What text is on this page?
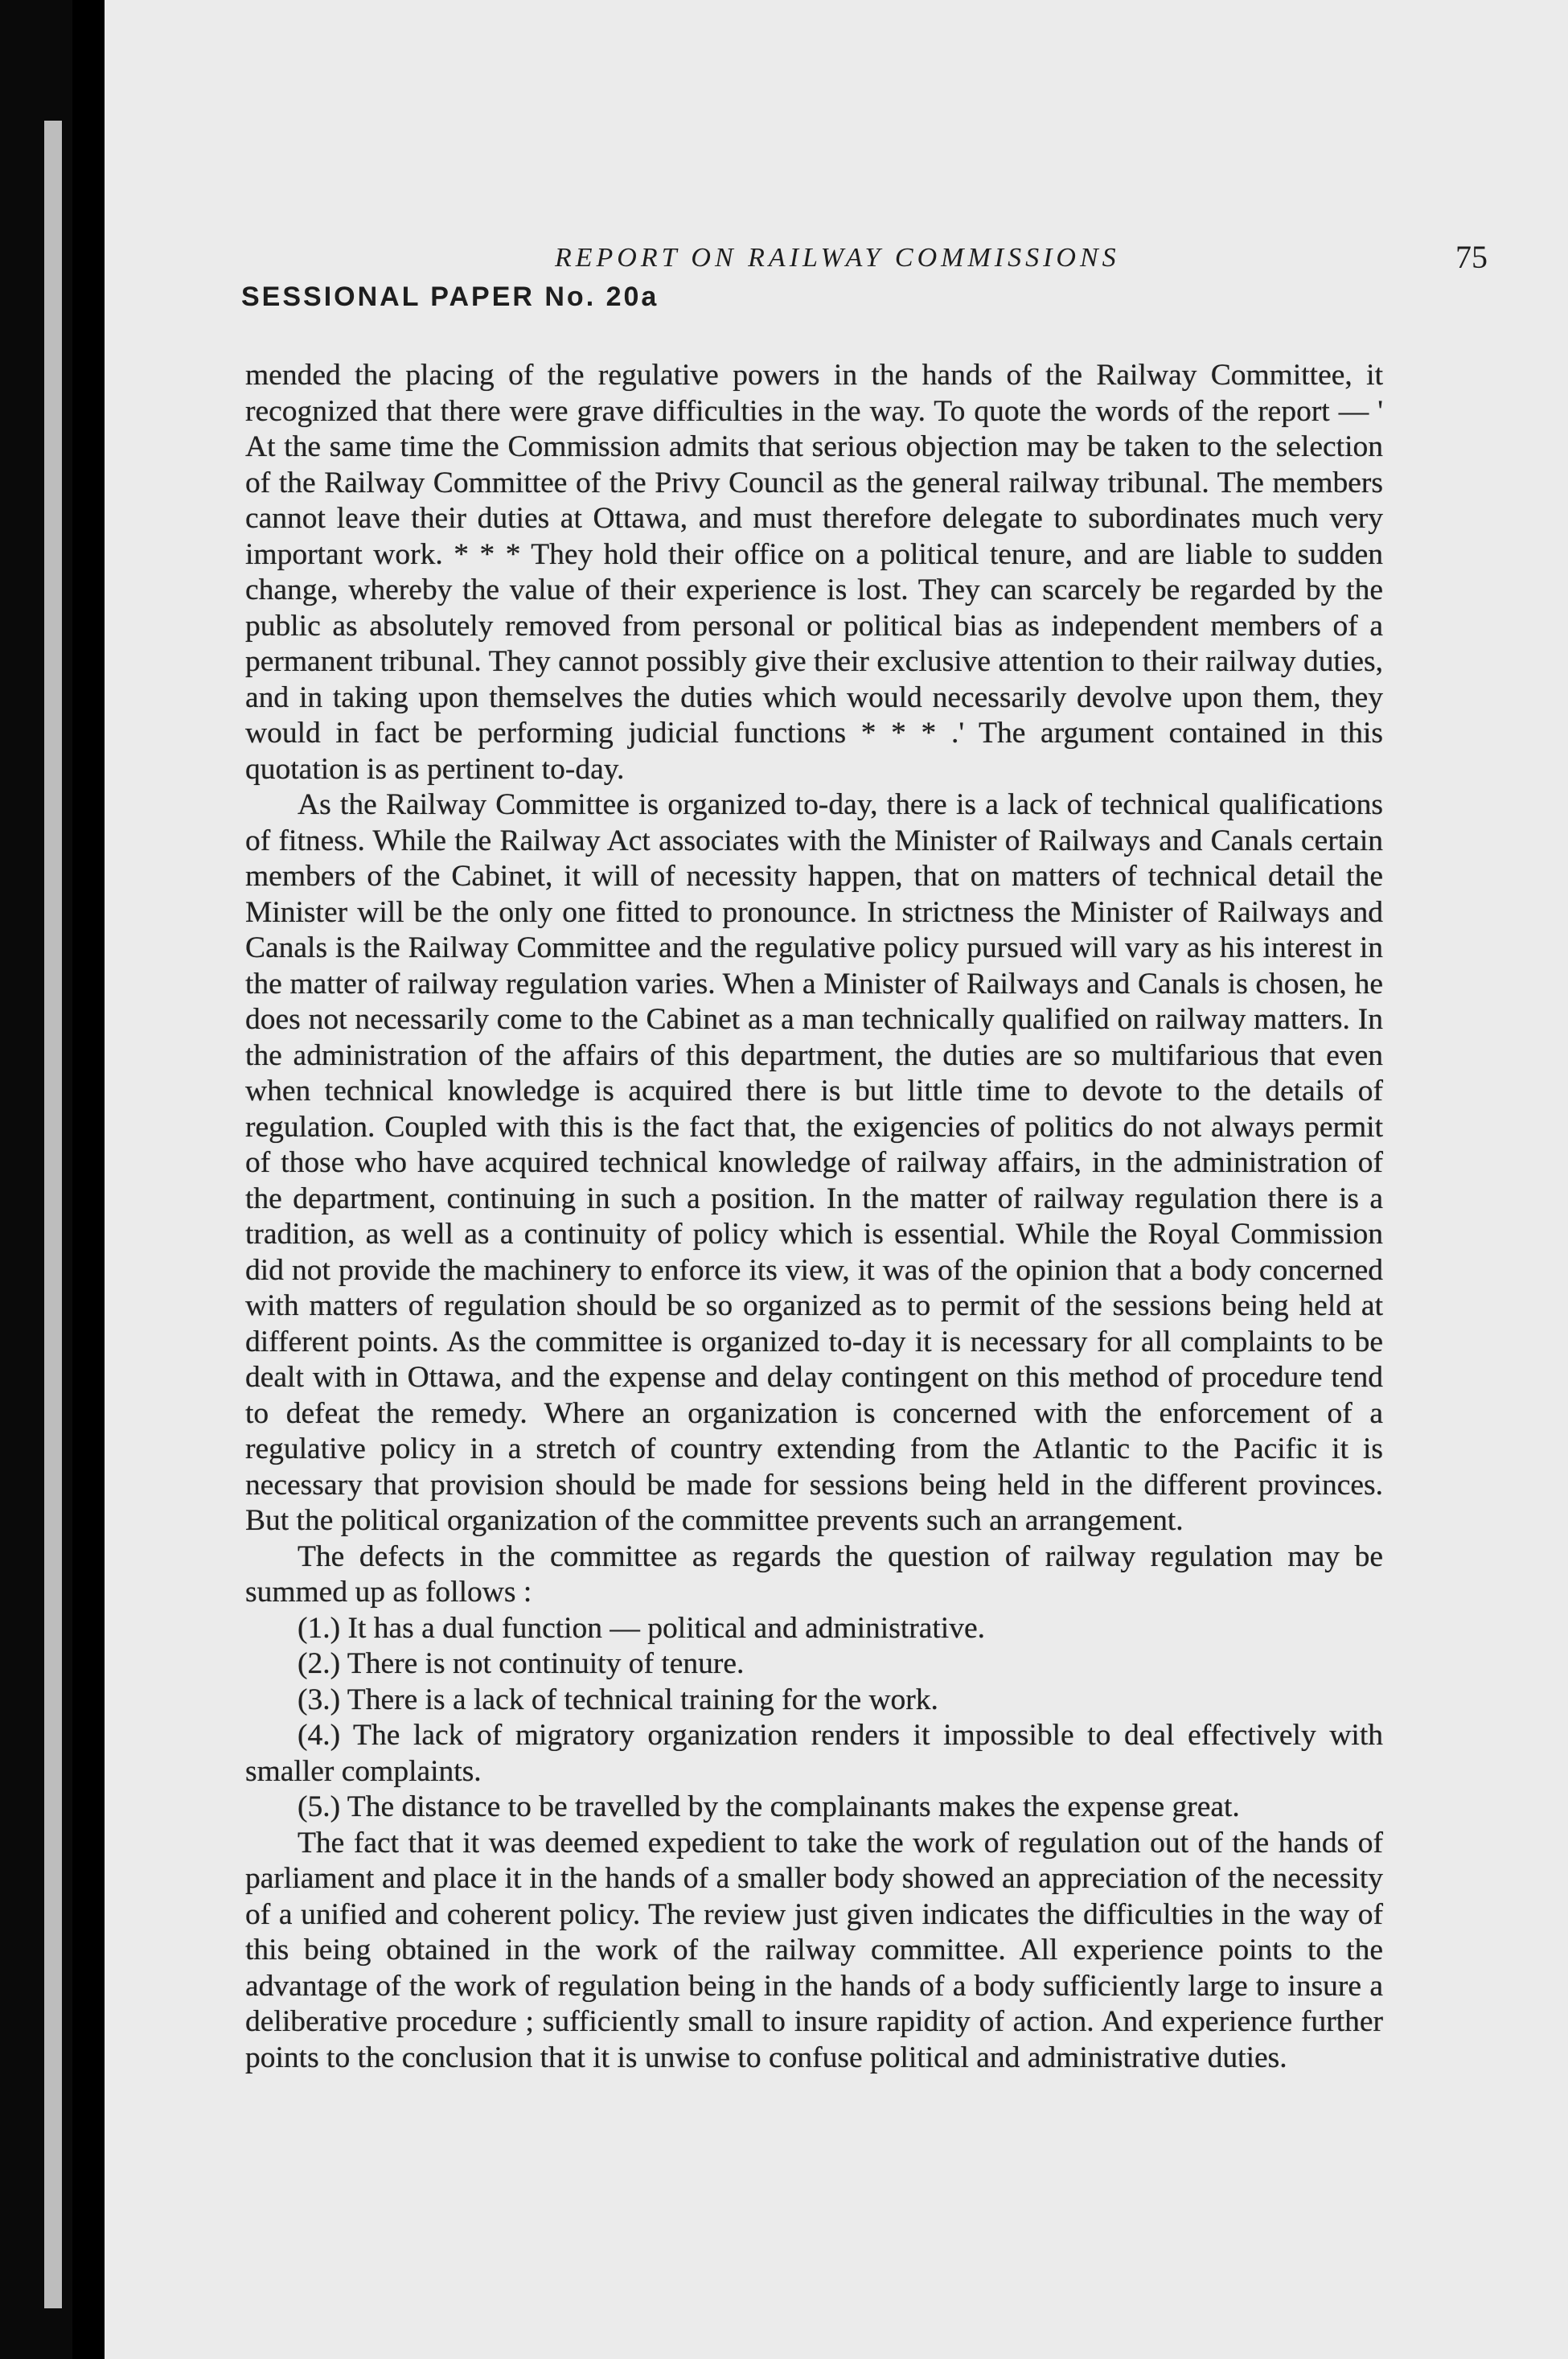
REPORT ON RAILWAY COMMISSIONS	75
SESSIONAL PAPER No. 20a

mended the placing of the regulative powers in the hands of the Railway Committee, it recognized that there were grave difficulties in the way. To quote the words of the report — ' At the same time the Commission admits that serious objection may be taken to the selection of the Railway Committee of the Privy Council as the general railway tribunal. The members cannot leave their duties at Ottawa, and must therefore delegate to subordinates much very important work. * * * They hold their office on a political tenure, and are liable to sudden change, whereby the value of their experience is lost. They can scarcely be regarded by the public as absolutely removed from personal or political bias as independent members of a permanent tribunal. They cannot possibly give their exclusive attention to their railway duties, and in taking upon themselves the duties which would necessarily devolve upon them, they would in fact be performing judicial functions * * * .' The argument contained in this quotation is as pertinent to-day.

As the Railway Committee is organized to-day, there is a lack of technical qualifications of fitness. While the Railway Act associates with the Minister of Railways and Canals certain members of the Cabinet, it will of necessity happen, that on matters of technical detail the Minister will be the only one fitted to pronounce. In strictness the Minister of Railways and Canals is the Railway Committee and the regulative policy pursued will vary as his interest in the matter of railway regulation varies. When a Minister of Railways and Canals is chosen, he does not necessarily come to the Cabinet as a man technically qualified on railway matters. In the administration of the affairs of this department, the duties are so multifarious that even when technical knowledge is acquired there is but little time to devote to the details of regulation. Coupled with this is the fact that, the exigencies of politics do not always permit of those who have acquired technical knowledge of railway affairs, in the administration of the department, continuing in such a position. In the matter of railway regulation there is a tradition, as well as a continuity of policy which is essential. While the Royal Commission did not provide the machinery to enforce its view, it was of the opinion that a body concerned with matters of regulation should be so organized as to permit of the sessions being held at different points. As the committee is organized to-day it is necessary for all complaints to be dealt with in Ottawa, and the expense and delay contingent on this method of procedure tend to defeat the remedy. Where an organization is concerned with the enforcement of a regulative policy in a stretch of country extending from the Atlantic to the Pacific it is necessary that provision should be made for sessions being held in the different provinces. But the political organization of the committee prevents such an arrangement.

The defects in the committee as regards the question of railway regulation may be summed up as follows :

(1.) It has a dual function — political and administrative.

(2.) There is not continuity of tenure.

(3.) There is a lack of technical training for the work.

(4.) The lack of migratory organization renders it impossible to deal effectively with smaller complaints.

(5.) The distance to be travelled by the complainants makes the expense great.

The fact that it was deemed expedient to take the work of regulation out of the hands of parliament and place it in the hands of a smaller body showed an appreciation of the necessity of a unified and coherent policy. The review just given indicates the difficulties in the way of this being obtained in the work of the railway committee. All experience points to the advantage of the work of regulation being in the hands of a body sufficiently large to insure a deliberative procedure ; sufficiently small to insure rapidity of action. And experience further points to the conclusion that it is unwise to confuse political and administrative duties.
